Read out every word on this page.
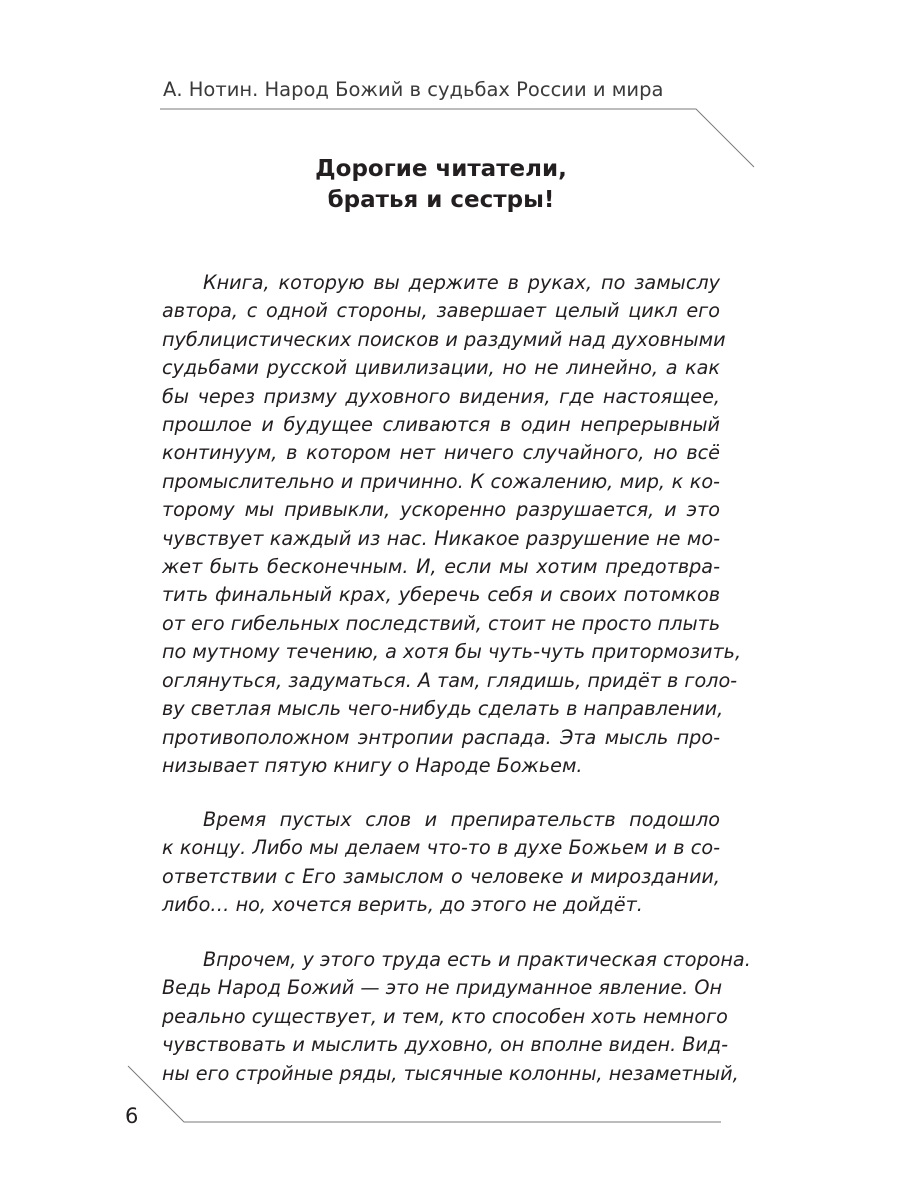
А. Нотин. Народ Божий в судьбах России и мира
Дорогие читатели,
братья и сестры!
Книга, которую вы держите в руках, по замыслу
автора, с одной стороны, завершает целый цикл его
публицистических поисков и раздумий над духовными
судьбами русской цивилизации, но не линейно, а как
бы через призму духовного видения, где настоящее,
прошлое и будущее сливаются в один непрерывный
континуум, в котором нет ничего случайного, но всё
промыслительно и причинно. К сожалению, мир, к ко-
торому мы привыкли, ускоренно разрушается, и это
чувствует каждый из нас. Никакое разрушение не мо-
жет быть бесконечным. И, если мы хотим предотвра-
тить финальный крах, уберечь себя и своих потомков
от его гибельных последствий, стоит не просто плыть
по мутному течению, а хотя бы чуть-чуть притормозить,
оглянуться, задуматься. А там, глядишь, придёт в голо-
ву светлая мысль чего-нибудь сделать в направлении,
противоположном энтропии распада. Эта мысль про-
низывает пятую книгу о Народе Божьем.
Время пустых слов и препирательств подошло
к концу. Либо мы делаем что-то в духе Божьем и в со-
ответствии с Его замыслом о человеке и мироздании,
либо… но, хочется верить, до этого не дойдёт.
Впрочем, у этого труда есть и практическая сторона.
Ведь Народ Божий — это не придуманное явление. Он
реально существует, и тем, кто способен хоть немного
чувствовать и мыслить духовно, он вполне виден. Вид-
ны его стройные ряды, тысячные колонны, незаметный,
6
